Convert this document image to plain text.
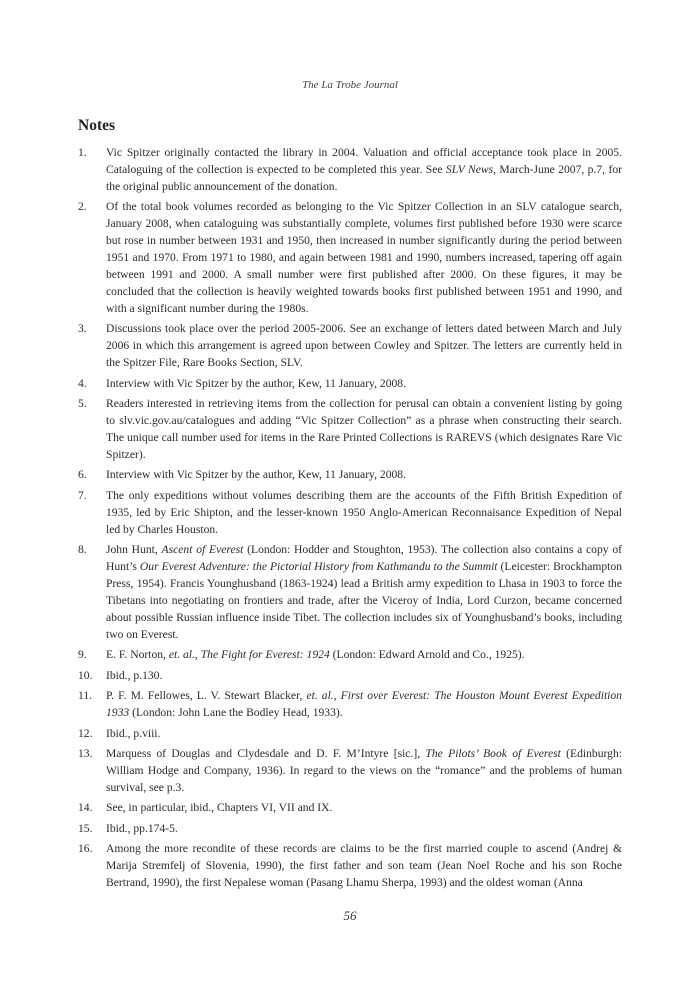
The La Trobe Journal
Notes
1. Vic Spitzer originally contacted the library in 2004. Valuation and official acceptance took place in 2005. Cataloguing of the collection is expected to be completed this year. See SLV News, March-June 2007, p.7, for the original public announcement of the donation.
2. Of the total book volumes recorded as belonging to the Vic Spitzer Collection in an SLV catalogue search, January 2008, when cataloguing was substantially complete, volumes first published before 1930 were scarce but rose in number between 1931 and 1950, then increased in number significantly during the period between 1951 and 1970. From 1971 to 1980, and again between 1981 and 1990, numbers increased, tapering off again between 1991 and 2000. A small number were first published after 2000. On these figures, it may be concluded that the collection is heavily weighted towards books first published between 1951 and 1990, and with a significant number during the 1980s.
3. Discussions took place over the period 2005-2006. See an exchange of letters dated between March and July 2006 in which this arrangement is agreed upon between Cowley and Spitzer. The letters are currently held in the Spitzer File, Rare Books Section, SLV.
4. Interview with Vic Spitzer by the author, Kew, 11 January, 2008.
5. Readers interested in retrieving items from the collection for perusal can obtain a convenient listing by going to slv.vic.gov.au/catalogues and adding “Vic Spitzer Collection” as a phrase when constructing their search. The unique call number used for items in the Rare Printed Collections is RAREVS (which designates Rare Vic Spitzer).
6. Interview with Vic Spitzer by the author, Kew, 11 January, 2008.
7. The only expeditions without volumes describing them are the accounts of the Fifth British Expedition of 1935, led by Eric Shipton, and the lesser-known 1950 Anglo-American Reconnaisance Expedition of Nepal led by Charles Houston.
8. John Hunt, Ascent of Everest (London: Hodder and Stoughton, 1953). The collection also contains a copy of Hunt’s Our Everest Adventure: the Pictorial History from Kathmandu to the Summit (Leicester: Brockhampton Press, 1954). Francis Younghusband (1863-1924) lead a British army expedition to Lhasa in 1903 to force the Tibetans into negotiating on frontiers and trade, after the Viceroy of India, Lord Curzon, became concerned about possible Russian influence inside Tibet. The collection includes six of Younghusband’s books, including two on Everest.
9. E. F. Norton, et. al., The Fight for Everest: 1924 (London: Edward Arnold and Co., 1925).
10. Ibid., p.130.
11. P. F. M. Fellowes, L. V. Stewart Blacker, et. al., First over Everest: The Houston Mount Everest Expedition 1933 (London: John Lane the Bodley Head, 1933).
12. Ibid., p.viii.
13. Marquess of Douglas and Clydesdale and D. F. M’Intyre [sic.], The Pilots’ Book of Everest (Edinburgh: William Hodge and Company, 1936). In regard to the views on the “romance” and the problems of human survival, see p.3.
14. See, in particular, ibid., Chapters VI, VII and IX.
15. Ibid., pp.174-5.
16. Among the more recondite of these records are claims to be the first married couple to ascend (Andrej & Marija Stremfelj of Slovenia, 1990), the first father and son team (Jean Noel Roche and his son Roche Bertrand, 1990), the first Nepalese woman (Pasang Lhamu Sherpa, 1993) and the oldest woman (Anna
56
